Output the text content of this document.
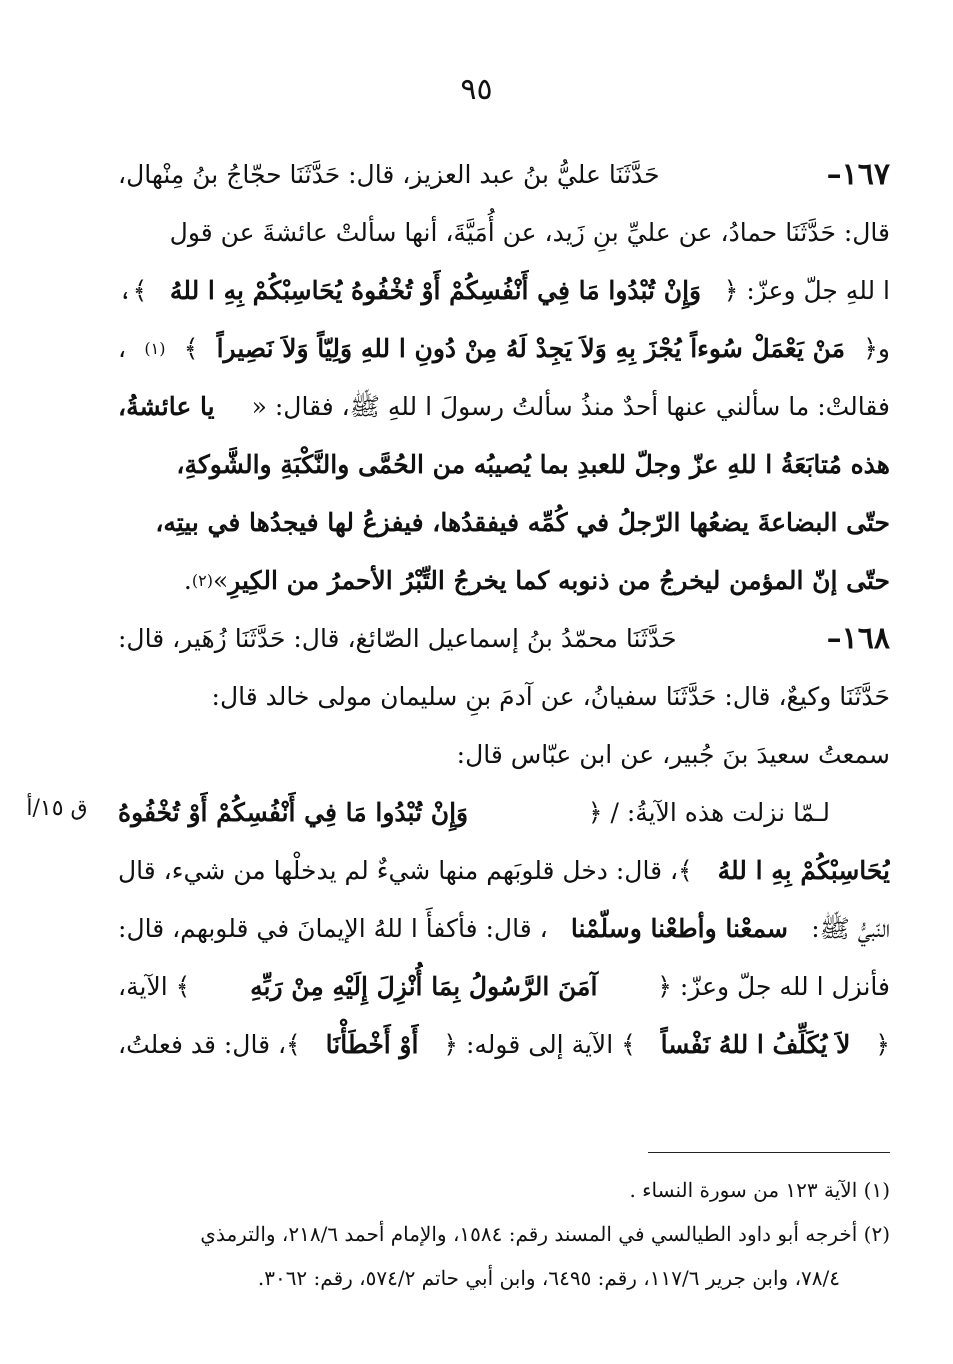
٩٥
ق ١٥/أ
١٦٧–
حَدَّثَنَا عليُّ بنُ عبد العزيز، قال: حَدَّثَنَا حجّاجُ بنُ مِنْهال،
قال: حَدَّثَنَا حمادُ، عن عليِّ بنِ زَيد، عن أُمَيَّةَ، أنها سألتْ عائشةَ عن قول
ا للهِ جلّ وعزّ: ﴿
وَإِنْ تُبْدُوا مَا فِي أَنْفُسِكُمْ أَوْ تُخْفُوهُ يُحَاسِبْكُمْ بِهِ ا للهُ
﴾،
و﴿
مَنْ يَعْمَلْ سُوءاً يُجْزَ بِهِ وَلاَ يَجِدْ لَهُ مِنْ دُونِ ا للهِ وَلِيّاً وَلاَ نَصِيراً
﴾
(١)
،
فقالتْ: ما سألني عنها أحدٌ منذُ سألتُ رسولَ ا للهِ ﷺ، فقال: «
يا عائشةُ،
هذه مُتابَعَةُ ا للهِ عزّ وجلّ للعبدِ بما يُصيبُه من الحُمَّى والنَّكْبَةِ والشَّوكةِ،
حتّى البضاعةَ يضعُها الرّجلُ في كُمِّه فيفقدُها، فيفزعُ لها فيجدُها في بيتِه،
حتّى إنّ المؤمن ليخرجُ من ذنوبه كما يخرجُ التِّبْرُ الأحمرُ من الكِيرِ
»
(٢)
.
١٦٨–
حَدَّثَنَا محمّدُ بنُ إسماعيل الصّائغ، قال: حَدَّثَنَا زُهَير، قال:
حَدَّثَنَا وكيعٌ، قال: حَدَّثَنَا سفيانُ، عن آدمَ بنِ سليمان مولى خالد قال:
سمعتُ سعيدَ بنَ جُبير، عن ابن عبّاس قال:
لـمّا نزلت هذه الآيةُ: / ﴿
وَإِنْ تُبْدُوا مَا فِي أَنْفُسِكُمْ أَوْ تُخْفُوهُ
يُحَاسِبْكُمْ بِهِ ا للهُ
﴾، قال: دخل قلوبَهم منها شيءٌ لم يدخلْها من شيء، قال
النّبيُّ ﷺ:
سمعْنا وأطعْنا وسلّمْنا
، قال: فأكفأَ ا للهُ الإيمانَ في قلوبهم، قال:
فأنزل ا لله جلّ وعزّ: ﴿
آمَنَ الرَّسُولُ بِمَا أُنْزِلَ إِلَيْهِ مِنْ رَبِّهِ
﴾ الآية،
﴿
لاَ يُكَلِّفُ ا للهُ نَفْساً
﴾ الآية إلى قوله: ﴿
أَوْ أَخْطَأْنَا
﴾، قال: قد فعلتُ،
(١) الآية ١٢٣ من سورة النساء .
(٢) أخرجه أبو داود الطيالسي في المسند رقم: ١٥٨٤، والإمام أحمد ٢١٨/٦، والترمذي
٧٨/٤، وابن جرير ١١٧/٦، رقم: ٦٤٩٥، وابن أبي حاتم ٥٧٤/٢، رقم: ٣٠٦٢.
